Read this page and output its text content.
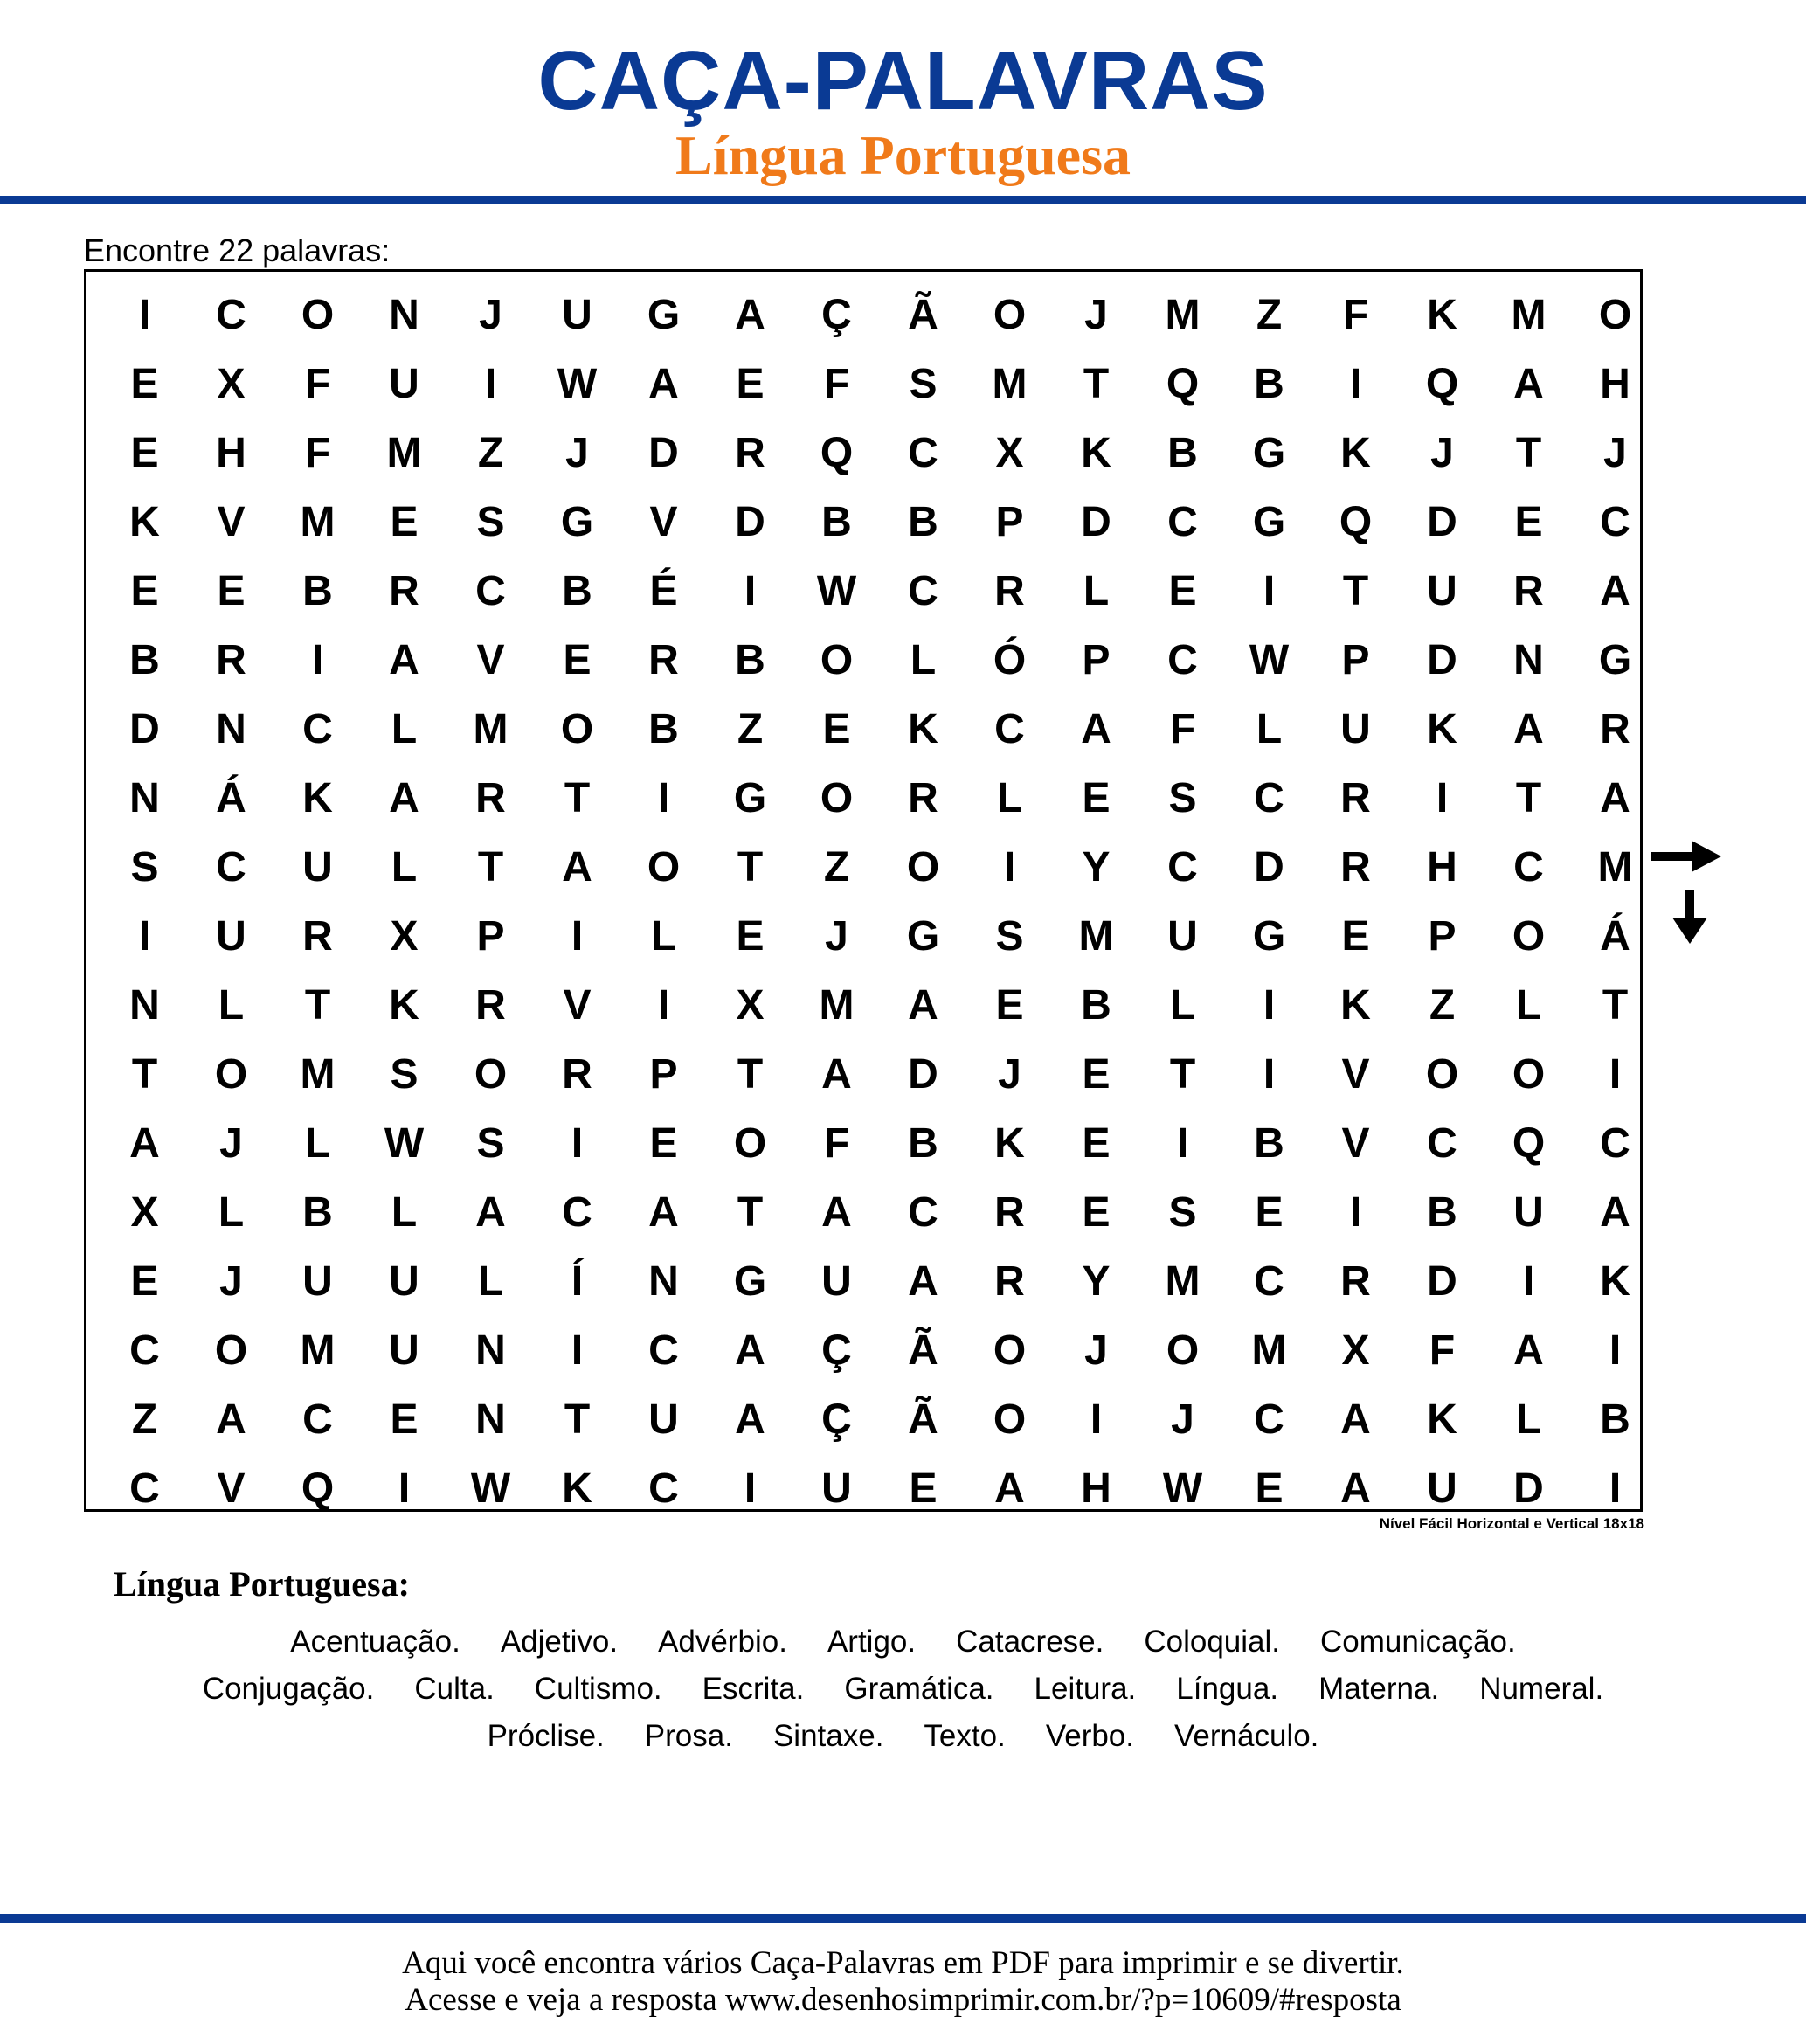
CAÇA-PALAVRAS
Língua Portuguesa
Encontre 22 palavras:
I	C	O	N	J	U	G	A	Ç	Ã	O	J	M	Z	F	K	M	O
E	X	F	U	I	W	A	E	F	S	M	T	Q	B	I	Q	A	H
E	H	F	M	Z	J	D	R	Q	C	X	K	B	G	K	J	T	J
K	V	M	E	S	G	V	D	B	B	P	D	C	G	Q	D	E	C
E	E	B	R	C	B	É	I	W	C	R	L	E	I	T	U	R	A
B	R	I	A	V	E	R	B	O	L	Ó	P	C	W	P	D	N	G
D	N	C	L	M	O	B	Z	E	K	C	A	F	L	U	K	A	R
N	Á	K	A	R	T	I	G	O	R	L	E	S	C	R	I	T	A
S	C	U	L	T	A	O	T	Z	O	I	Y	C	D	R	H	C	M
I	U	R	X	P	I	L	E	J	G	S	M	U	G	E	P	O	Á
N	L	T	K	R	V	I	X	M	A	E	B	L	I	K	Z	L	T
T	O	M	S	O	R	P	T	A	D	J	E	T	I	V	O	O	I
A	J	L	W	S	I	E	O	F	B	K	E	I	B	V	C	Q	C
X	L	B	L	A	C	A	T	A	C	R	E	S	E	I	B	U	A
E	J	U	U	L	Í	N	G	U	A	R	Y	M	C	R	D	I	K
C	O	M	U	N	I	C	A	Ç	Ã	O	J	O	M	X	F	A	I
Z	A	C	E	N	T	U	A	Ç	Ã	O	I	J	C	A	K	L	B
C	V	Q	I	W	K	C	I	U	E	A	H	W	E	A	U	D	I
Nível Fácil Horizontal e Vertical 18x18
Língua Portuguesa:
Acentuação. Adjetivo. Advérbio. Artigo. Catacrese. Coloquial. Comunicação.
Conjugação. Culta. Cultismo. Escrita. Gramática. Leitura. Língua. Materna. Numeral.
Próclise. Prosa. Sintaxe. Texto. Verbo. Vernáculo.
Aqui você encontra vários Caça-Palavras em PDF para imprimir e se divertir.
Acesse e veja a resposta www.desenhosimprimir.com.br/?p=10609/#resposta
